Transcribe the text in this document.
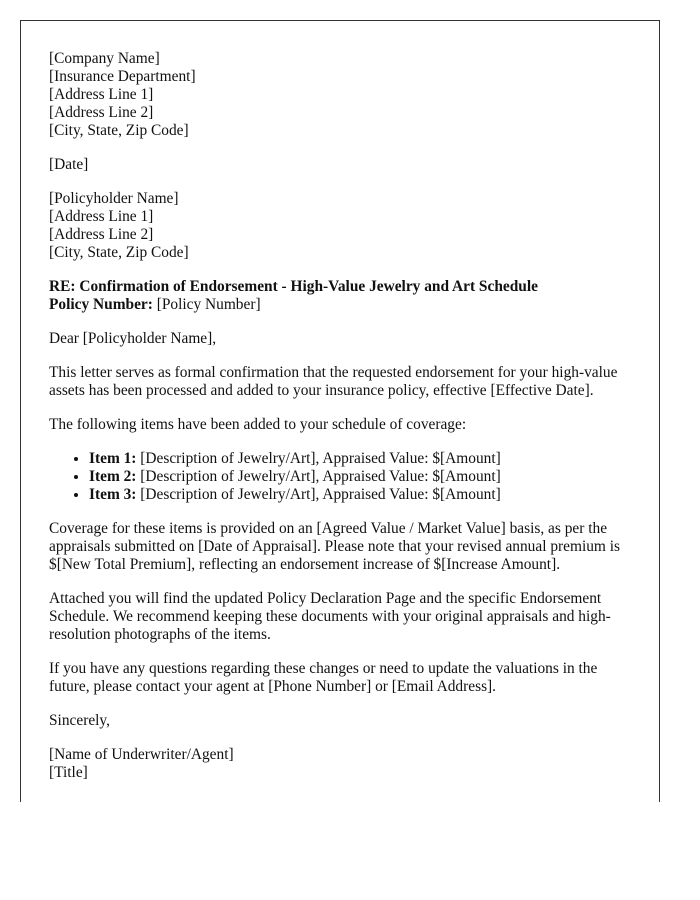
[Company Name]
[Insurance Department]
[Address Line 1]
[Address Line 2]
[City, State, Zip Code]
[Date]
[Policyholder Name]
[Address Line 1]
[Address Line 2]
[City, State, Zip Code]
RE: Confirmation of Endorsement - High-Value Jewelry and Art Schedule
Policy Number: [Policy Number]

Dear [Policyholder Name],

This letter serves as formal confirmation that the requested endorsement for your high-value assets has been processed and added to your insurance policy, effective [Effective Date].

The following items have been added to your schedule of coverage:

• Item 1: [Description of Jewelry/Art], Appraised Value: $[Amount]
• Item 2: [Description of Jewelry/Art], Appraised Value: $[Amount]
• Item 3: [Description of Jewelry/Art], Appraised Value: $[Amount]

Coverage for these items is provided on an [Agreed Value / Market Value] basis, as per the appraisals submitted on [Date of Appraisal]. Please note that your revised annual premium is $[New Total Premium], reflecting an endorsement increase of $[Increase Amount].

Attached you will find the updated Policy Declaration Page and the specific Endorsement Schedule. We recommend keeping these documents with your original appraisals and high-resolution photographs of the items.

If you have any questions regarding these changes or need to update the valuations in the future, please contact your agent at [Phone Number] or [Email Address].

Sincerely,

[Name of Underwriter/Agent]
[Title]
